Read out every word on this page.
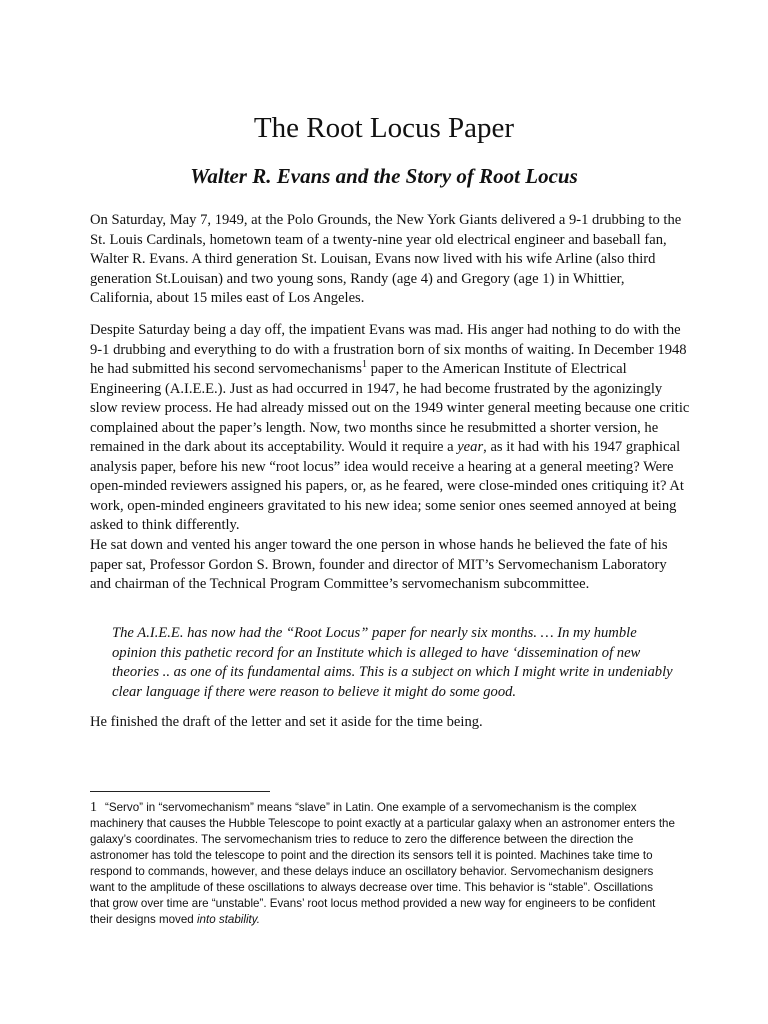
The Root Locus Paper
Walter R. Evans and the Story of Root Locus

On Saturday, May 7, 1949, at the Polo Grounds, the New York Giants delivered a 9-1 drubbing to the St. Louis Cardinals, hometown team of a twenty-nine year old electrical engineer and baseball fan, Walter R. Evans. A third generation St. Louisan, Evans now lived with his wife Arline (also third generation St.Louisan) and two young sons, Randy (age 4) and Gregory (age 1) in Whittier, California, about 15 miles east of Los Angeles.

Despite Saturday being a day off, the impatient Evans was mad. His anger had nothing to do with the 9-1 drubbing and everything to do with a frustration born of six months of waiting. In December 1948 he had submitted his second servomechanisms$^1$ paper to the American Institute of Electrical Engineering (A.I.E.E.). Just as had occurred in 1947, he had become frustrated by the agonizingly slow review process. He had already missed out on the 1949 winter general meeting because one critic complained about the paper’s length. Now, two months since he resubmitted a shorter version, he remained in the dark about its acceptability. Would it require a year, as it had with his 1947 graphical analysis paper, before his new “root locus” idea would receive a hearing at a general meeting? Were open-minded reviewers assigned his papers, or, as he feared, were close-minded ones critiquing it? At work, open-minded engineers gravitated to his new idea; some senior ones seemed annoyed at being asked to think differently.

He sat down and vented his anger toward the one person in whose hands he believed the fate of his paper sat, Professor Gordon S. Brown, founder and director of MIT’s Servomechanism Laboratory and chairman of the Technical Program Committee’s servomechanism subcommittee.

The A.I.E.E. has now had the “Root Locus” paper for nearly six months. … In my humble opinion this pathetic record for an Institute which is alleged to have ‘dissemination of new theories .. as one of its fundamental aims. This is a subject on which I might write in undeniably clear language if there were reason to believe it might do some good.

He finished the draft of the letter and set it aside for the time being.

1 “Servo” in “servomechanism” means “slave” in Latin. One example of a servomechanism is the complex machinery that causes the Hubble Telescope to point exactly at a particular galaxy when an astronomer enters the galaxy’s coordinates. The servomechanism tries to reduce to zero the difference between the direction the astronomer has told the telescope to point and the direction its sensors tell it is pointed. Machines take time to respond to commands, however, and these delays induce an oscillatory behavior. Servomechanism designers want to the amplitude of these oscillations to always decrease over time. This behavior is “stable”. Oscillations that grow over time are “unstable”. Evans’ root locus method provided a new way for engineers to be confident their designs moved into stability.
